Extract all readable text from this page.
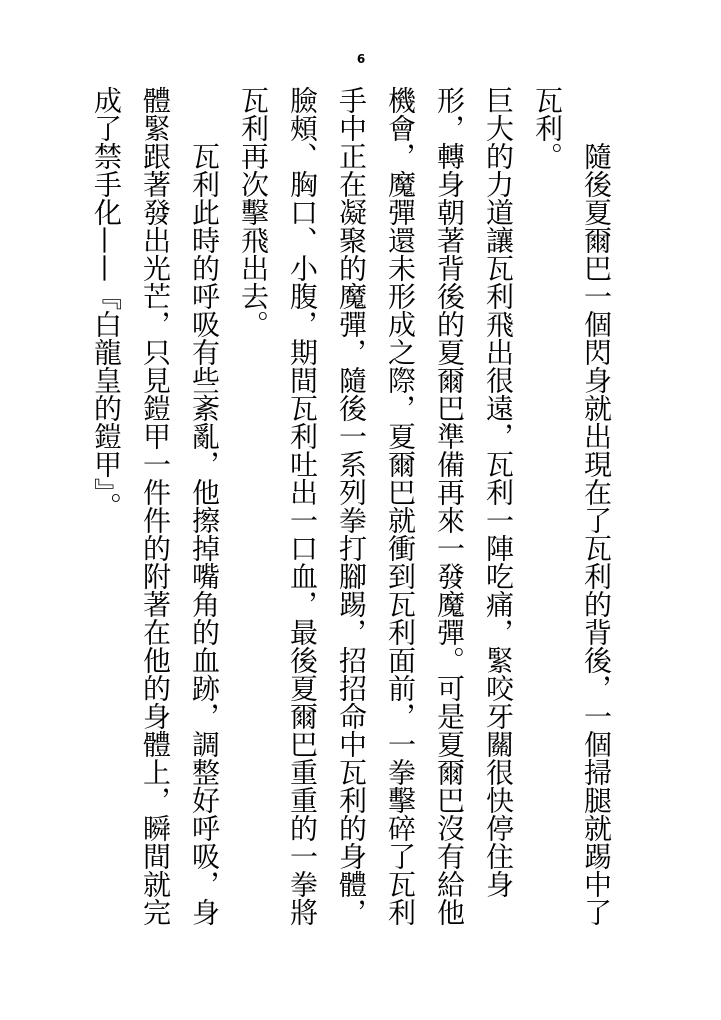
6

隨後夏爾巴一個閃身就出現在了瓦利的背後，一個掃腿就踢中了瓦利。

巨大的力道讓瓦利飛出很遠，瓦利一陣吃痛，緊咬牙關很快停住身形，轉身朝著背後的夏爾巴準備再來一發魔彈。可是夏爾巴沒有給他機會，魔彈還未形成之際，夏爾巴就衝到瓦利面前，一拳擊碎了瓦利手中正在凝聚的魔彈，隨後一系列拳打腳踢，招招命中瓦利的身體，臉頰、胸口、小腹，期間瓦利吐出一口血，最後夏爾巴重重的一拳將瓦利再次擊飛出去。

瓦利此時的呼吸有些紊亂，他擦掉嘴角的血跡，調整好呼吸，身體緊跟著發出光芒，只見鎧甲一件件的附著在他的身體上，瞬間就完成了禁手化——『白龍皇的鎧甲』。
